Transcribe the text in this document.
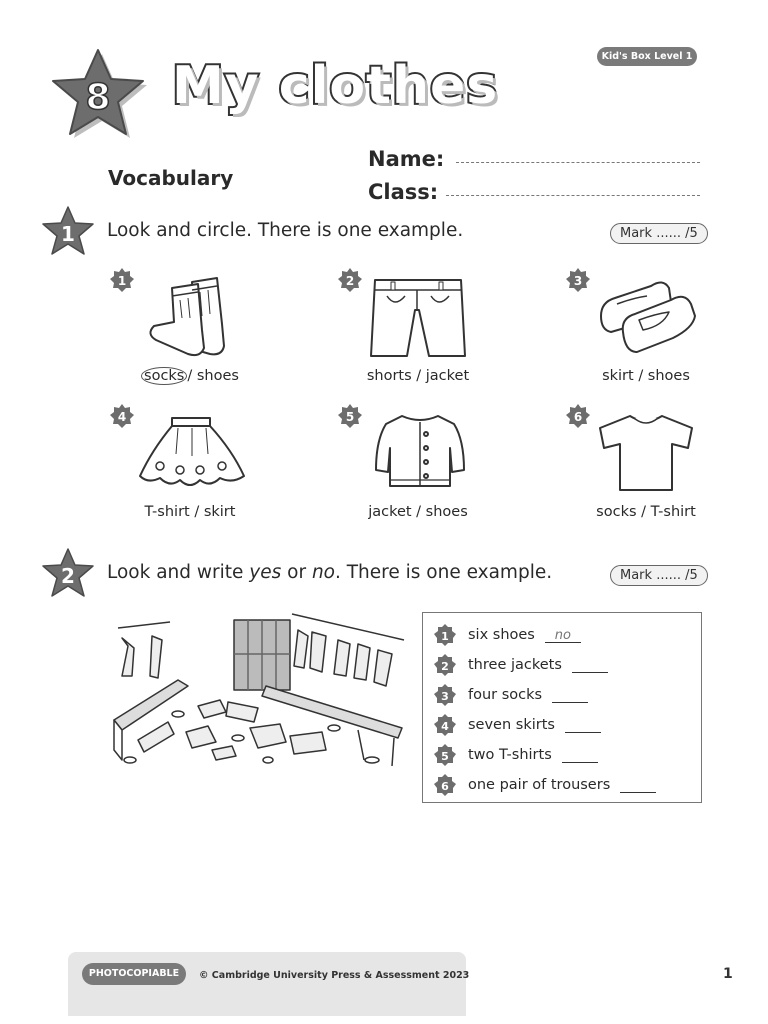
Kid's Box Level 1
8 My clothes
Vocabulary
Name:
Class:
1 Look and circle. There is one example.	Mark ...... /5
1	2	3
4	5	6
socks / shoes	shorts / jacket	skirt / shoes
T-shirt / skirt	jacket / shoes	socks / T-shirt
2 Look and write yes or no. There is one example.	Mark ...... /5
1 six shoes	no
2 three jackets
3 four socks
4 seven skirts
5 two T-shirts
6 one pair of trousers
PHOTOCOPIABLE	© Cambridge University Press & Assessment 2023	1
